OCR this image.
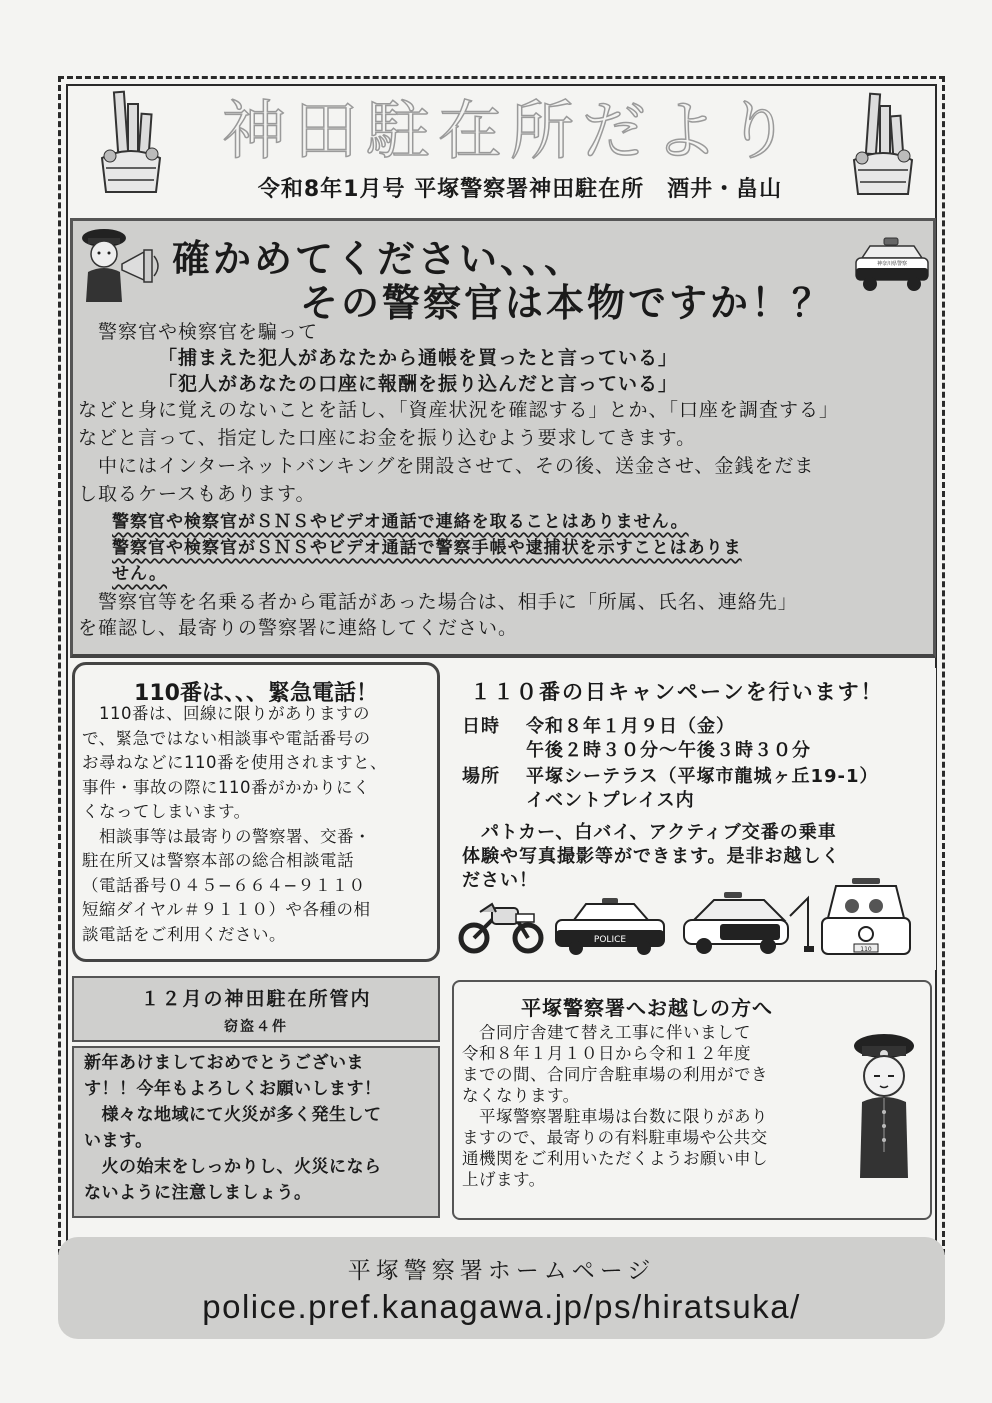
神田駐在所だより
令和8年1月号 平塚警察署神田駐在所　酒井・畠山
確かめてください、、、
その警察官は本物ですか！？
神奈川県警察
警察官や検察官を騙って
「捕まえた犯人があなたから通帳を買ったと言っている」
「犯人があなたの口座に報酬を振り込んだと言っている」
などと身に覚えのないことを話し、「資産状況を確認する」とか、「口座を調査する」
などと言って、指定した口座にお金を振り込むよう要求してきます。
中にはインターネットバンキングを開設させて、その後、送金させ、金銭をだま
し取るケースもあります。
警察官や検察官がＳＮＳやビデオ通話で連絡を取ることはありません。
警察官や検察官がＳＮＳやビデオ通話で警察手帳や逮捕状を示すことはありま
せん。
警察官等を名乗る者から電話があった場合は、相手に「所属、氏名、連絡先」
を確認し、最寄りの警察署に連絡してください。
110番は、、、緊急電話！
　110番は、回線に限りがありますの
で、緊急ではない相談事や電話番号の
お尋ねなどに110番を使用されますと、
事件・事故の際に110番がかかりにく
くなってしまいます。
　相談事等は最寄りの警察署、交番・
駐在所又は警察本部の総合相談電話
（電話番号０４５−６６４−９１１０
短縮ダイヤル＃９１１０）や各種の相
談電話をご利用ください。
１１０番の日キャンペーンを行います！
日時 令和８年１月９日（金）
午後２時３０分～午後３時３０分
場所 平塚シーテラス（平塚市龍城ヶ丘19-1）
イベントプレイス内
　パトカー、白バイ、アクティブ交番の乗車
体験や写真撮影等ができます。是非お越しく
ださい！
POLICE
110
１２月の神田駐在所管内
窃盗４件
新年あけましておめでとうございま
す！！今年もよろしくお願いします！
　様々な地域にて火災が多く発生して
います。
　火の始末をしっかりし、火災になら
ないように注意しましょう。
平塚警察署へお越しの方へ
　合同庁舎建て替え工事に伴いまして
令和８年１月１０日から令和１２年度
までの間、合同庁舎駐車場の利用ができ
なくなります。
　平塚警察署駐車場は台数に限りがあり
ますので、最寄りの有料駐車場や公共交
通機関をご利用いただくようお願い申し
上げます。
平塚警察署ホームページ
police.pref.kanagawa.jp/ps/hiratsuka/
